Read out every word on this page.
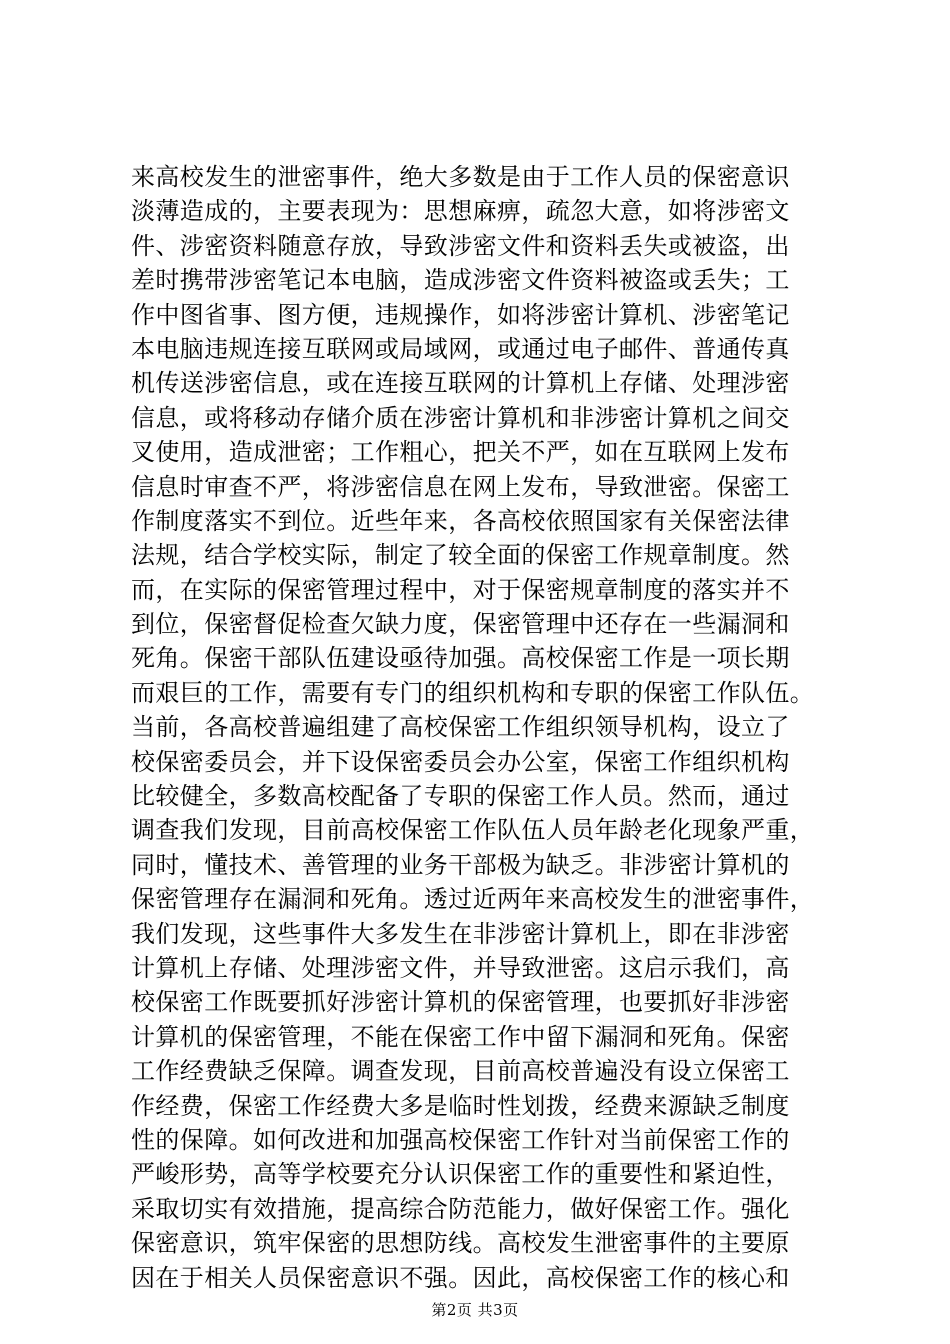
来高校发生的泄密事件，绝大多数是由于工作人员的保密意识
淡薄造成的，主要表现为：思想麻痹，疏忽大意，如将涉密文
件、涉密资料随意存放，导致涉密文件和资料丢失或被盗，出
差时携带涉密笔记本电脑，造成涉密文件资料被盗或丢失；工
作中图省事、图方便，违规操作，如将涉密计算机、涉密笔记
本电脑违规连接互联网或局域网，或通过电子邮件、普通传真
机传送涉密信息，或在连接互联网的计算机上存储、处理涉密
信息，或将移动存储介质在涉密计算机和非涉密计算机之间交
叉使用，造成泄密；工作粗心，把关不严，如在互联网上发布
信息时审查不严，将涉密信息在网上发布，导致泄密。保密工
作制度落实不到位。近些年来，各高校依照国家有关保密法律
法规，结合学校实际，制定了较全面的保密工作规章制度。然
而，在实际的保密管理过程中，对于保密规章制度的落实并不
到位，保密督促检查欠缺力度，保密管理中还存在一些漏洞和
死角。保密干部队伍建设亟待加强。高校保密工作是一项长期
而艰巨的工作，需要有专门的组织机构和专职的保密工作队伍。
当前，各高校普遍组建了高校保密工作组织领导机构，设立了
校保密委员会，并下设保密委员会办公室，保密工作组织机构
比较健全，多数高校配备了专职的保密工作人员。然而，通过
调查我们发现，目前高校保密工作队伍人员年龄老化现象严重，
同时，懂技术、善管理的业务干部极为缺乏。非涉密计算机的
保密管理存在漏洞和死角。透过近两年来高校发生的泄密事件，
我们发现，这些事件大多发生在非涉密计算机上，即在非涉密
计算机上存储、处理涉密文件，并导致泄密。这启示我们，高
校保密工作既要抓好涉密计算机的保密管理，也要抓好非涉密
计算机的保密管理，不能在保密工作中留下漏洞和死角。保密
工作经费缺乏保障。调查发现，目前高校普遍没有设立保密工
作经费，保密工作经费大多是临时性划拨，经费来源缺乏制度
性的保障。如何改进和加强高校保密工作针对当前保密工作的
严峻形势，高等学校要充分认识保密工作的重要性和紧迫性，
采取切实有效措施，提高综合防范能力，做好保密工作。强化
保密意识，筑牢保密的思想防线。高校发生泄密事件的主要原
因在于相关人员保密意识不强。因此，高校保密工作的核心和
第2页 共3页
